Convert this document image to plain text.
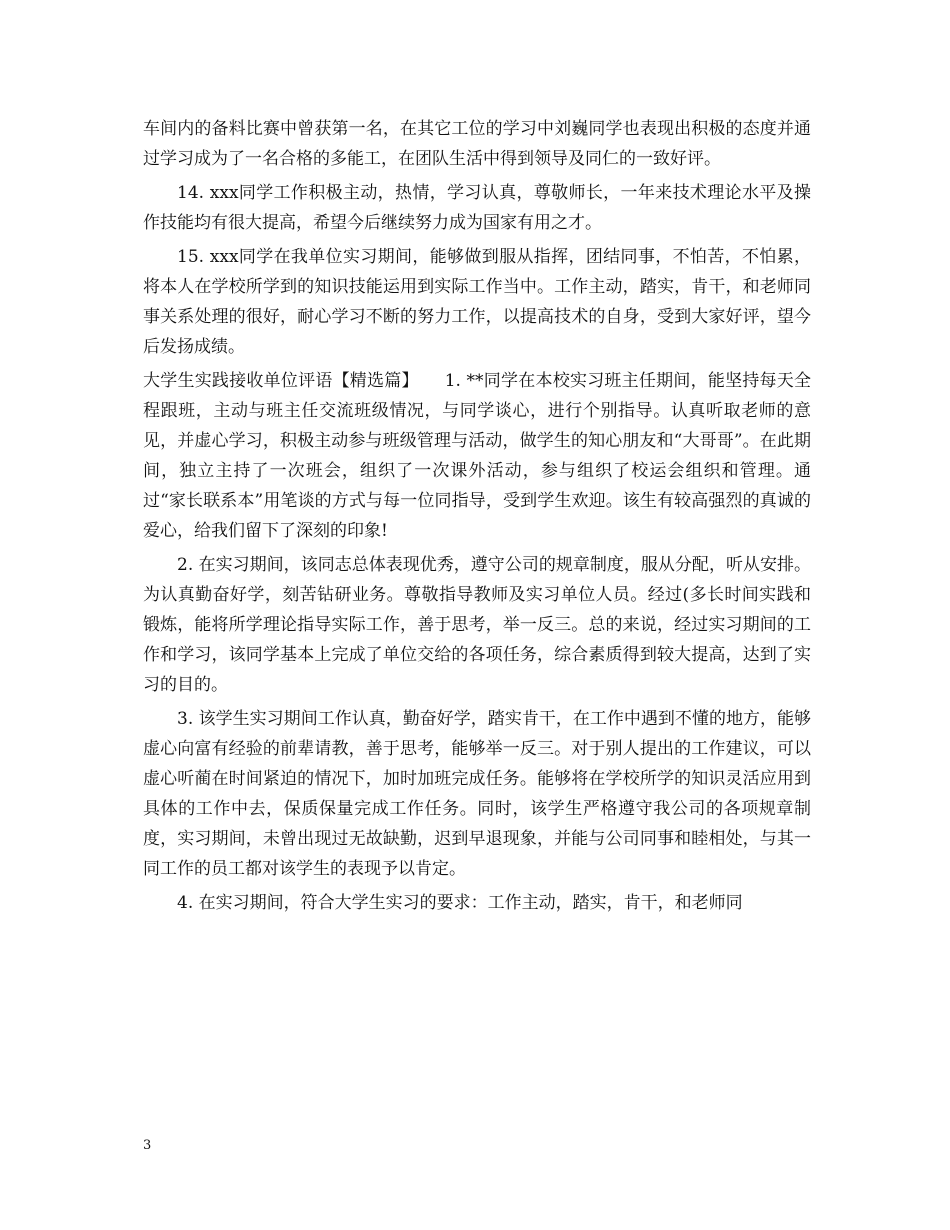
车间内的备料比赛中曾获第一名，在其它工位的学习中刘巍同学也表现出积极的态度并通过学习成为了一名合格的多能工，在团队生活中得到领导及同仁的一致好评。

14. xxx同学工作积极主动，热情，学习认真，尊敬师长，一年来技术理论水平及操作技能均有很大提高，希望今后继续努力成为国家有用之才。

15. xxx同学在我单位实习期间，能够做到服从指挥，团结同事，不怕苦，不怕累，将本人在学校所学到的知识技能运用到实际工作当中。工作主动，踏实，肯干，和老师同事关系处理的很好，耐心学习不断的努力工作，以提高技术的自身，受到大家好评，望今后发扬成绩。

大学生实践接收单位评语【精选篇】　　1. **同学在本校实习班主任期间，能坚持每天全程跟班，主动与班主任交流班级情况，与同学谈心，进行个别指导。认真听取老师的意见，并虚心学习，积极主动参与班级管理与活动，做学生的知心朋友和“大哥哥”。在此期间，独立主持了一次班会，组织了一次课外活动，参与组织了校运会组织和管理。通过“家长联系本”用笔谈的方式与每一位同指导，受到学生欢迎。该生有较高强烈的真诚的爱心，给我们留下了深刻的印象!

2. 在实习期间，该同志总体表现优秀，遵守公司的规章制度，服从分配，听从安排。为认真勤奋好学，刻苦钻研业务。尊敬指导教师及实习单位人员。经过(多长时间实践和锻炼，能将所学理论指导实际工作，善于思考，举一反三。总的来说，经过实习期间的工作和学习，该同学基本上完成了单位交给的各项任务，综合素质得到较大提高，达到了实习的目的。

3. 该学生实习期间工作认真，勤奋好学，踏实肯干，在工作中遇到不懂的地方，能够虚心向富有经验的前辈请教，善于思考，能够举一反三。对于别人提出的工作建议，可以虚心听蔺在时间紧迫的情况下，加时加班完成任务。能够将在学校所学的知识灵活应用到具体的工作中去，保质保量完成工作任务。同时，该学生严格遵守我公司的各项规章制度，实习期间，未曾出现过无故缺勤，迟到早退现象，并能与公司同事和睦相处，与其一同工作的员工都对该学生的表现予以肯定。

4. 在实习期间，符合大学生实习的要求：工作主动，踏实，肯干，和老师同

3
